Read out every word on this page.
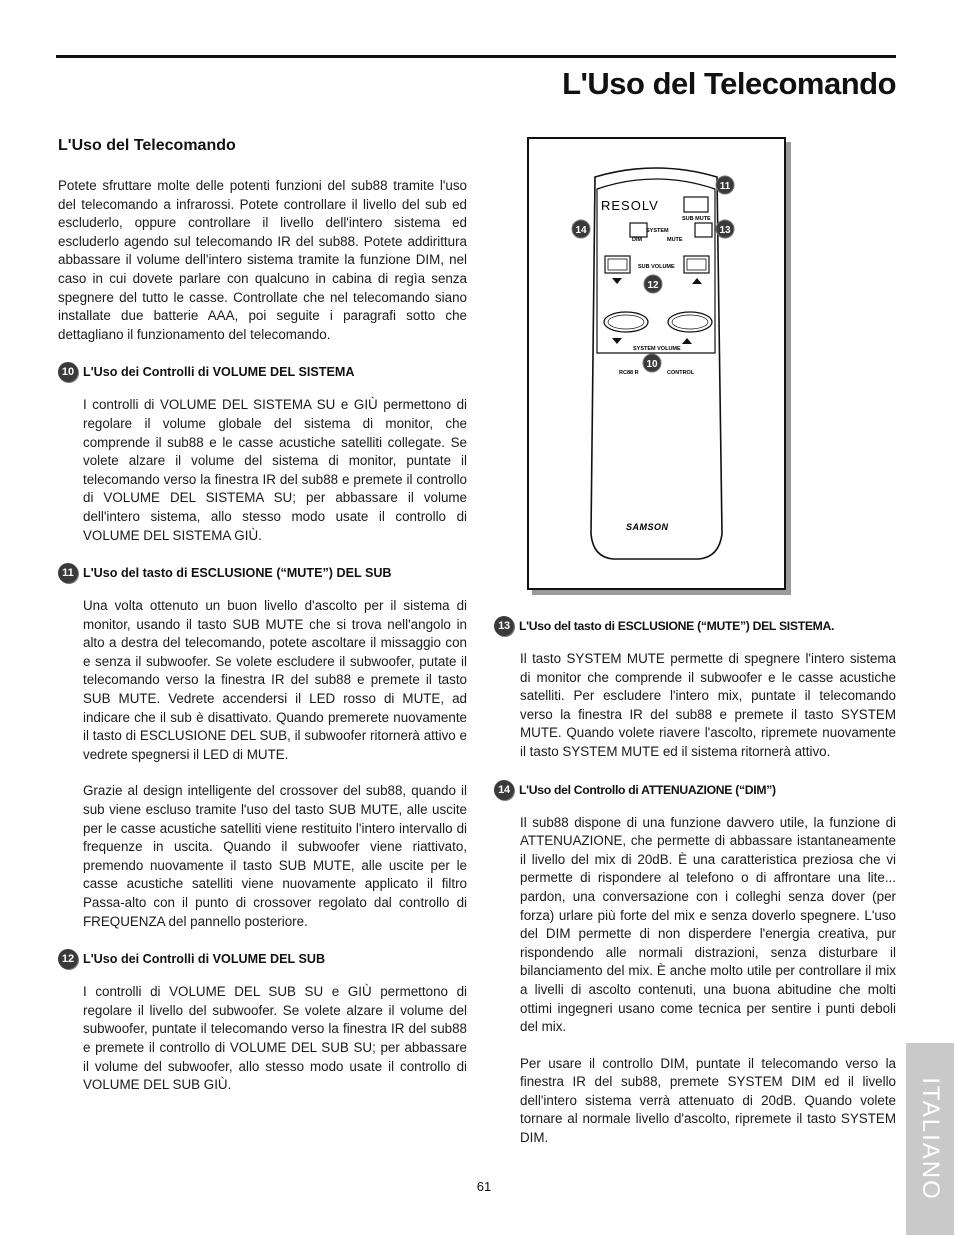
L'Uso del Telecomando
L'Uso del Telecomando

Potete sfruttare molte delle potenti funzioni del sub88 tramite l'uso del telecomando a infrarossi. Potete controllare il livello del sub ed escluderlo, oppure controllare il livello dell'intero sistema ed escluderlo agendo sul telecomando IR del sub88. Potete addirittura abbassare il volume dell'intero sistema tramite la funzione DIM, nel caso in cui dovete parlare con qualcuno in cabina di regìa senza spegnere del tutto le casse. Controllate che nel telecomando siano installate due batterie AAA, poi seguite i paragrafi sotto che dettagliano il funzionamento del telecomando.

10 L'Uso dei Controlli di VOLUME DEL SISTEMA

I controlli di VOLUME DEL SISTEMA SU e GIÙ permettono di regolare il volume globale del sistema di monitor, che comprende il sub88 e le casse acustiche satelliti collegate. Se volete alzare il volume del sistema di monitor, puntate il telecomando verso la finestra IR del sub88 e premete il controllo di VOLUME DEL SISTEMA SU; per abbassare il volume dell'intero sistema, allo stesso modo usate il controllo di VOLUME DEL SISTEMA GIÙ.

11 L'Uso del tasto di ESCLUSIONE (“MUTE”) DEL SUB

Una volta ottenuto un buon livello d'ascolto per il sistema di monitor, usando il tasto SUB MUTE che si trova nell'angolo in alto a destra del telecomando, potete ascoltare il missaggio con e senza il subwoofer. Se volete escludere il subwoofer, putate il telecomando verso la finestra IR del sub88 e premete il tasto SUB MUTE. Vedrete accendersi il LED rosso di MUTE, ad indicare che il sub è disattivato. Quando premerete nuovamente il tasto di ESCLUSIONE DEL SUB, il subwoofer ritornerà attivo e vedrete spegnersi il LED di MUTE.

Grazie al design intelligente del crossover del sub88, quando il sub viene escluso tramite l'uso del tasto SUB MUTE, alle uscite per le casse acustiche satelliti viene restituito l'intero intervallo di frequenze in uscita. Quando il subwoofer viene riattivato, premendo nuovamente il tasto SUB MUTE, alle uscite per le casse acustiche satelliti viene nuovamente applicato il filtro Passa-alto con il punto di crossover regolato dal controllo di FREQUENZA del pannello posteriore.

12 L'Uso dei Controlli di VOLUME DEL SUB

I controlli di VOLUME DEL SUB SU e GIÙ permettono di regolare il livello del subwoofer. Se volete alzare il volume del subwoofer, puntate il telecomando verso la finestra IR del sub88 e premete il controllo di VOLUME DEL SUB SU; per abbassare il volume del subwoofer, allo stesso modo usate il controllo di VOLUME DEL SUB GIÙ.

RESOLV
SUB MUTE
SYSTEM
DIM	MUTE
SUB VOLUME
SYSTEM VOLUME
RC88 R	CONTROL
SAMSON
11
14	13
12
10
13 L'Uso del tasto di ESCLUSIONE (“MUTE”) DEL SISTEMA.

Il tasto SYSTEM MUTE permette di spegnere l'intero sistema di monitor che comprende il subwoofer e le casse acustiche satelliti. Per escludere l'intero mix, puntate il telecomando verso la finestra IR del sub88 e premete il tasto SYSTEM MUTE. Quando volete riavere l'ascolto, ripremete nuovamente il tasto SYSTEM MUTE ed il sistema ritornerà attivo.

14 L'Uso del Controllo di ATTENUAZIONE (“DIM”)

Il sub88 dispone di una funzione davvero utile, la funzione di ATTENUAZIONE, che permette di abbassare istantaneamente il livello del mix di 20dB. È una caratteristica preziosa che vi permette di rispondere al telefono o di affrontare una lite... pardon, una conversazione con i colleghi senza dover (per forza) urlare più forte del mix e senza doverlo spegnere. L'uso del DIM permette di non disperdere l'energia creativa, pur rispondendo alle normali distrazioni, senza disturbare il bilanciamento del mix. È anche molto utile per controllare il mix a livelli di ascolto contenuti, una buona abitudine che molti ottimi ingegneri usano come tecnica per sentire i punti deboli del mix.

Per usare il controllo DIM, puntate il telecomando verso la finestra IR del sub88, premete SYSTEM DIM ed il livello dell'intero sistema verrà attenuato di 20dB. Quando volete tornare al normale livello d'ascolto, ripremete il tasto SYSTEM DIM.

61	ITALIANO
